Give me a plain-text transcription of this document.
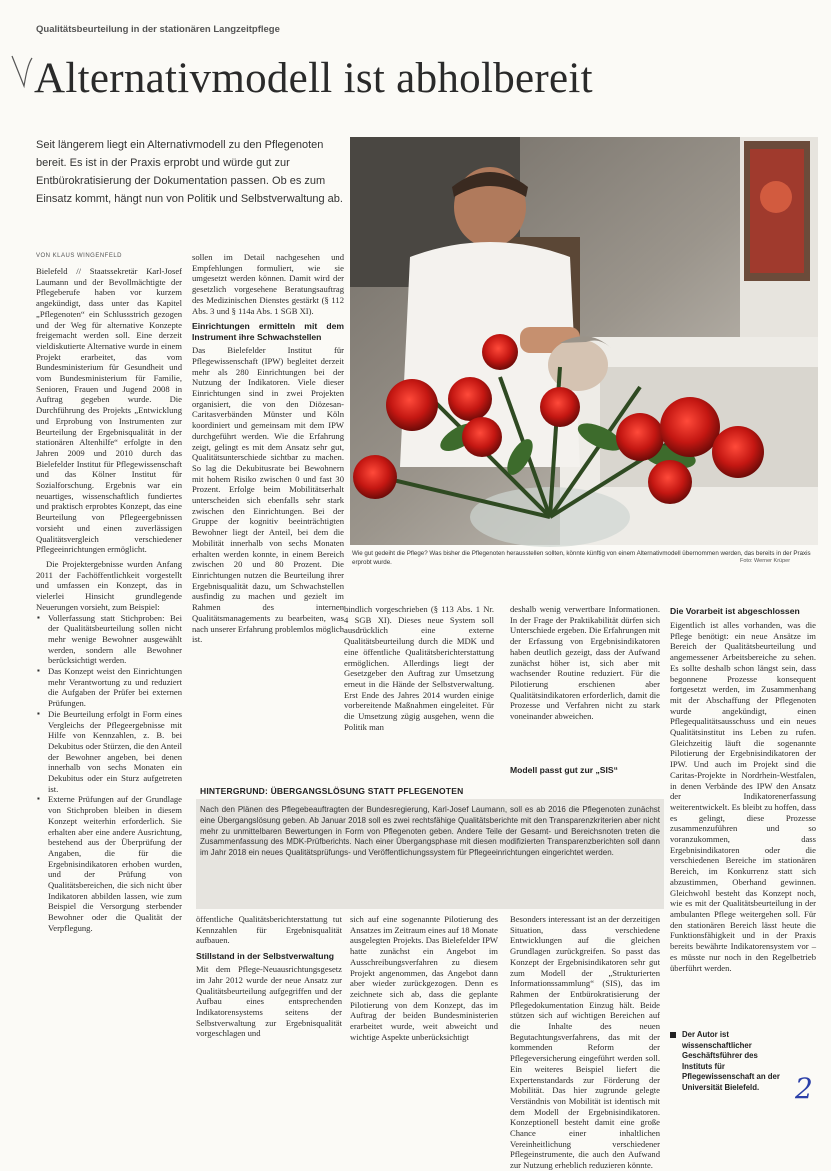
Qualitätsbeurteilung in der stationären Langzeitpflege
Alternativmodell ist abholbereit
Seit längerem liegt ein Alternativmodell zu den Pflegenoten bereit. Es ist in der Praxis erprobt und würde gut zur Entbürokratisierung der Dokumentation passen. Ob es zum Einsatz kommt, hängt nun von Politik und Selbstverwaltung ab.
VON KLAUS WINGENFELD
Wie gut gedeiht die Pflege? Was bisher die Pflegenoten herausstellen sollten, könnte künftig von einem Alternativmodell übernommen werden, das bereits in der Praxis erprobt wurde.	Foto: Werner Krüper

Bielefeld // Staatssekretär Karl-Josef Laumann und der Bevollmächtigte der Pflegeberufe haben vor kurzem angekündigt, dass unter das Kapitel „Pflegenoten“ ein Schlussstrich gezogen und der Weg für alternative Konzepte freigemacht werden soll. Eine derzeit vieldiskutierte Alternative wurde in einem Projekt erarbeitet, das vom Bundesministerium für Gesundheit und vom Bundesministerium für Familie, Senioren, Frauen und Jugend 2008 in Auftrag gegeben wurde. Die Durchführung des Projekts „Entwicklung und Erprobung von Instrumenten zur Beurteilung der Ergebnisqualität in der stationären Altenhilfe“ erfolgte in den Jahren 2009 und 2010 durch das Bielefelder Institut für Pflegewissenschaft und das Kölner Institut für Sozialforschung. Ergebnis war ein neuartiges, wissenschaftlich fundiertes und praktisch erprobtes Konzept, das eine Beurteilung von Pflegeergebnissen vorsieht und einen zuverlässigen Qualitätsvergleich verschiedener Pflegeeinrichtungen ermöglicht.

Die Projektergebnisse wurden Anfang 2011 der Fachöffentlichkeit vorgestellt und umfassen ein Konzept, das in vielerlei Hinsicht grundlegende Neuerungen vorsieht, zum Beispiel:

▪ Vollerfassung statt Stichproben: Bei der Qualitätsbeurteilung sollen nicht mehr wenige Bewohner ausgewählt werden, sondern alle Bewohner berücksichtigt werden.
▪ Das Konzept weist den Einrichtungen mehr Verantwortung zu und reduziert die Aufgaben der Prüfer bei externen Prüfungen.
▪ Die Beurteilung erfolgt in Form eines Vergleichs der Pflegeergebnisse mit Hilfe von Kennzahlen, z. B. bei Dekubitus oder Stürzen, die den Anteil der Bewohner angeben, bei denen innerhalb von sechs Monaten ein Dekubitus oder ein Sturz aufgetreten ist.
▪ Externe Prüfungen auf der Grundlage von Stichproben bleiben in diesem Konzept weiterhin erforderlich. Sie erhalten aber eine andere Ausrichtung, bestehend aus der Überprüfung der Angaben, die für die Ergebnisindikatoren erhoben wurden, und der Prüfung von Qualitätsbereichen, die sich nicht über Indikatoren abbilden lassen, wie zum Beispiel die Versorgung sterbender Bewohner oder die Qualität der Verpflegung.

sollen im Detail nachgesehen und Empfehlungen formuliert, wie sie umgesetzt werden können. Damit wird der gesetzlich vorgesehene Beratungsauftrag des Medizinischen Dienstes gestärkt (§ 112 Abs. 3 und § 114a Abs. 1 SGB XI).

Einrichtungen ermitteln mit dem Instrument ihre Schwachstellen

Das Bielefelder Institut für Pflegewissenschaft (IPW) begleitet derzeit mehr als 280 Einrichtungen bei der Nutzung der Indikatoren. Viele dieser Einrichtungen sind in zwei Projekten organisiert, die von den Diözesan-Caritasverbänden Münster und Köln koordiniert und gemeinsam mit dem IPW durchgeführt werden. Wie die Erfahrung zeigt, gelingt es mit dem Ansatz sehr gut, Qualitätsunterschiede sichtbar zu machen. So lag die Dekubitusrate bei Bewohnern mit hohem Risiko zwischen 0 und fast 30 Prozent. Erfolge beim Mobilitätserhalt unterscheiden sich ebenfalls sehr stark zwischen den Einrichtungen. Bei der Gruppe der kognitiv beeinträchtigten Bewohner liegt der Anteil, bei dem die Mobilität innerhalb von sechs Monaten erhalten werden konnte, in einem Bereich zwischen 20 und 80 Prozent. Die Einrichtungen nutzen die Beurteilung ihrer Ergebnisqualität dazu, um Schwachstellen ausfindig zu machen und gezielt im Rahmen des internen Qualitätsmanagements zu bearbeiten, was nach unserer Erfahrung problemlos möglich ist.

bindlich vorgeschrieben (§ 113 Abs. 1 Nr. 4 SGB XI). Dieses neue System soll ausdrücklich eine externe Qualitätsbeurteilung durch die MDK und eine öffentliche Qualitätsberichterstattung ermöglichen. Allerdings liegt der Gesetzgeber den Auftrag zur Umsetzung erneut in die Hände der Selbstverwaltung. Erst Ende des Jahres 2014 wurden einige vorbereitende Maßnahmen eingeleitet. Für die Umsetzung zügig ausgehen, wenn die Politik man

deshalb wenig verwertbare Informationen. In der Frage der Praktikabilität dürfen sich Unterschiede ergeben. Die Erfahrungen mit der Erfassung von Ergebnisindikatoren haben deutlich gezeigt, dass der Aufwand zunächst höher ist, sich aber mit wachsender Routine reduziert. Für die Pilotierung erschienen aber Qualitätsindikatoren erforderlich, damit die Prozesse und Verfahren nicht zu stark voneinander abweichen.

HINTERGRUND: ÜBERGANGSLÖSUNG STATT PFLEGENOTEN
Nach den Plänen des Pflegebeauftragten der Bundesregierung, Karl-Josef Laumann, soll es ab 2016 die Pflegenoten zunächst eine Übergangslösung geben. Ab Januar 2018 soll es zwei rechtsfähige Qualitätsberichte mit den Transparenzkriterien aber nicht mehr zu unmittelbaren Bewertungen in Form von Pflegenoten geben. Andere Teile der Gesamt- und Bereichsnoten treten die Zusammenfassung des MDK-Prüfberichts. Nach einer Übergangsphase mit diesen modifizierten Transparenzberichten soll dann im Jahr 2018 ein neues Qualitätsprüfungs- und Veröffentlichungssystem für Pflegeeinrichtungen eingerichtet werden.

öffentliche Qualitätsberichterstattung tut Kennzahlen für Ergebnisqualität aufbauen.

Stillstand in der Selbstverwaltung

Mit dem Pflege-Neuausrichtungsgesetz im Jahr 2012 wurde der neue Ansatz zur Qualitätsbeurteilung aufgegriffen und der Aufbau eines entsprechenden Indikatorensystems seitens der Selbstverwaltung zur Ergebnisqualität vorgeschlagen und

sich auf eine sogenannte Pilotierung des Ansatzes im Zeitraum eines auf 18 Monate ausgelegten Projekts. Das Bielefelder IPW hatte zunächst ein Angebot im Ausschreibungsverfahren zu diesem Projekt angenommen, das Angebot dann aber wieder zurückgezogen. Denn es zeichnete sich ab, dass die geplante Pilotierung von dem Konzept, das im Auftrag der beiden Bundesministerien erarbeitet wurde, weit abweicht und wichtige Aspekte unberücksichtigt

Modell passt gut zur „SIS“

Besonders interessant ist an der derzeitigen Situation, dass verschiedene Entwicklungen auf die gleichen Grundlagen zurückgreifen. So passt das Konzept der Ergebnisindikatoren sehr gut zum Modell der „Strukturierten Informationssammlung“ (SIS), das im Rahmen der Entbürokratisierung der Pflegedokumentation Einzug hält. Beide stützen sich auf wichtigen Bereichen auf die Inhalte des neuen Begutachtungsverfahrens, das mit der kommenden Reform der Pflegeversicherung eingeführt werden soll. Ein weiteres Beispiel liefert die Expertenstandards zur Förderung der Mobilität. Das hier zugrunde gelegte Verständnis von Mobilität ist identisch mit dem Modell der Ergebnisindikatoren. Konzeptionell besteht damit eine große Chance einer inhaltlichen Vereinheitlichung verschiedener Pflegeinstrumente, die auch den Aufwand zur Nutzung erheblich reduzieren könnte.

Die Vorarbeit ist abgeschlossen

Eigentlich ist alles vorhanden, was die Pflege benötigt: ein neue Ansätze im Bereich der Qualitätsbeurteilung und angemessener Arbeitsbereiche zu sehen. Es sollte deshalb schon längst sein, dass begonnene Prozesse konsequent fortgesetzt werden, im Zusammenhang mit der Abschaffung der Pflegenoten wurde angekündigt, einen Pflegequalitätsausschuss und ein neues Qualitätsinstitut ins Leben zu rufen. Gleichzeitig läuft die sogenannte Pilotierung der Ergebnisindikatoren der IPW. Und auch im Projekt sind die Caritas-Projekte in Nordrhein-Westfalen, in denen Verbände des IPW den Ansatz der Indikatorenerfassung weiterentwickelt. Es bleibt zu hoffen, dass es gelingt, diese Prozesse zusammenzuführen und so voranzukommen, dass Ergebnisindikatoren oder die verschiedenen Bereiche im stationären Bereich, im Konkurrenz statt sich abzustimmen, Oberhand gewinnen. Gleichwohl besteht das Konzept noch, wie es mit der Qualitätsbeurteilung in der ambulanten Pflege weitergehen soll. Für den stationären Bereich lässt heute die Funktionsfähigkeit und in der Praxis bereits bewährte Indikatorensystem vor – es müsste nur noch in den Regelbetrieb überführt werden.

Der Autor ist wissenschaftlicher Geschäftsführer des Instituts für Pflegewissenschaft an der Universität Bielefeld.	2
